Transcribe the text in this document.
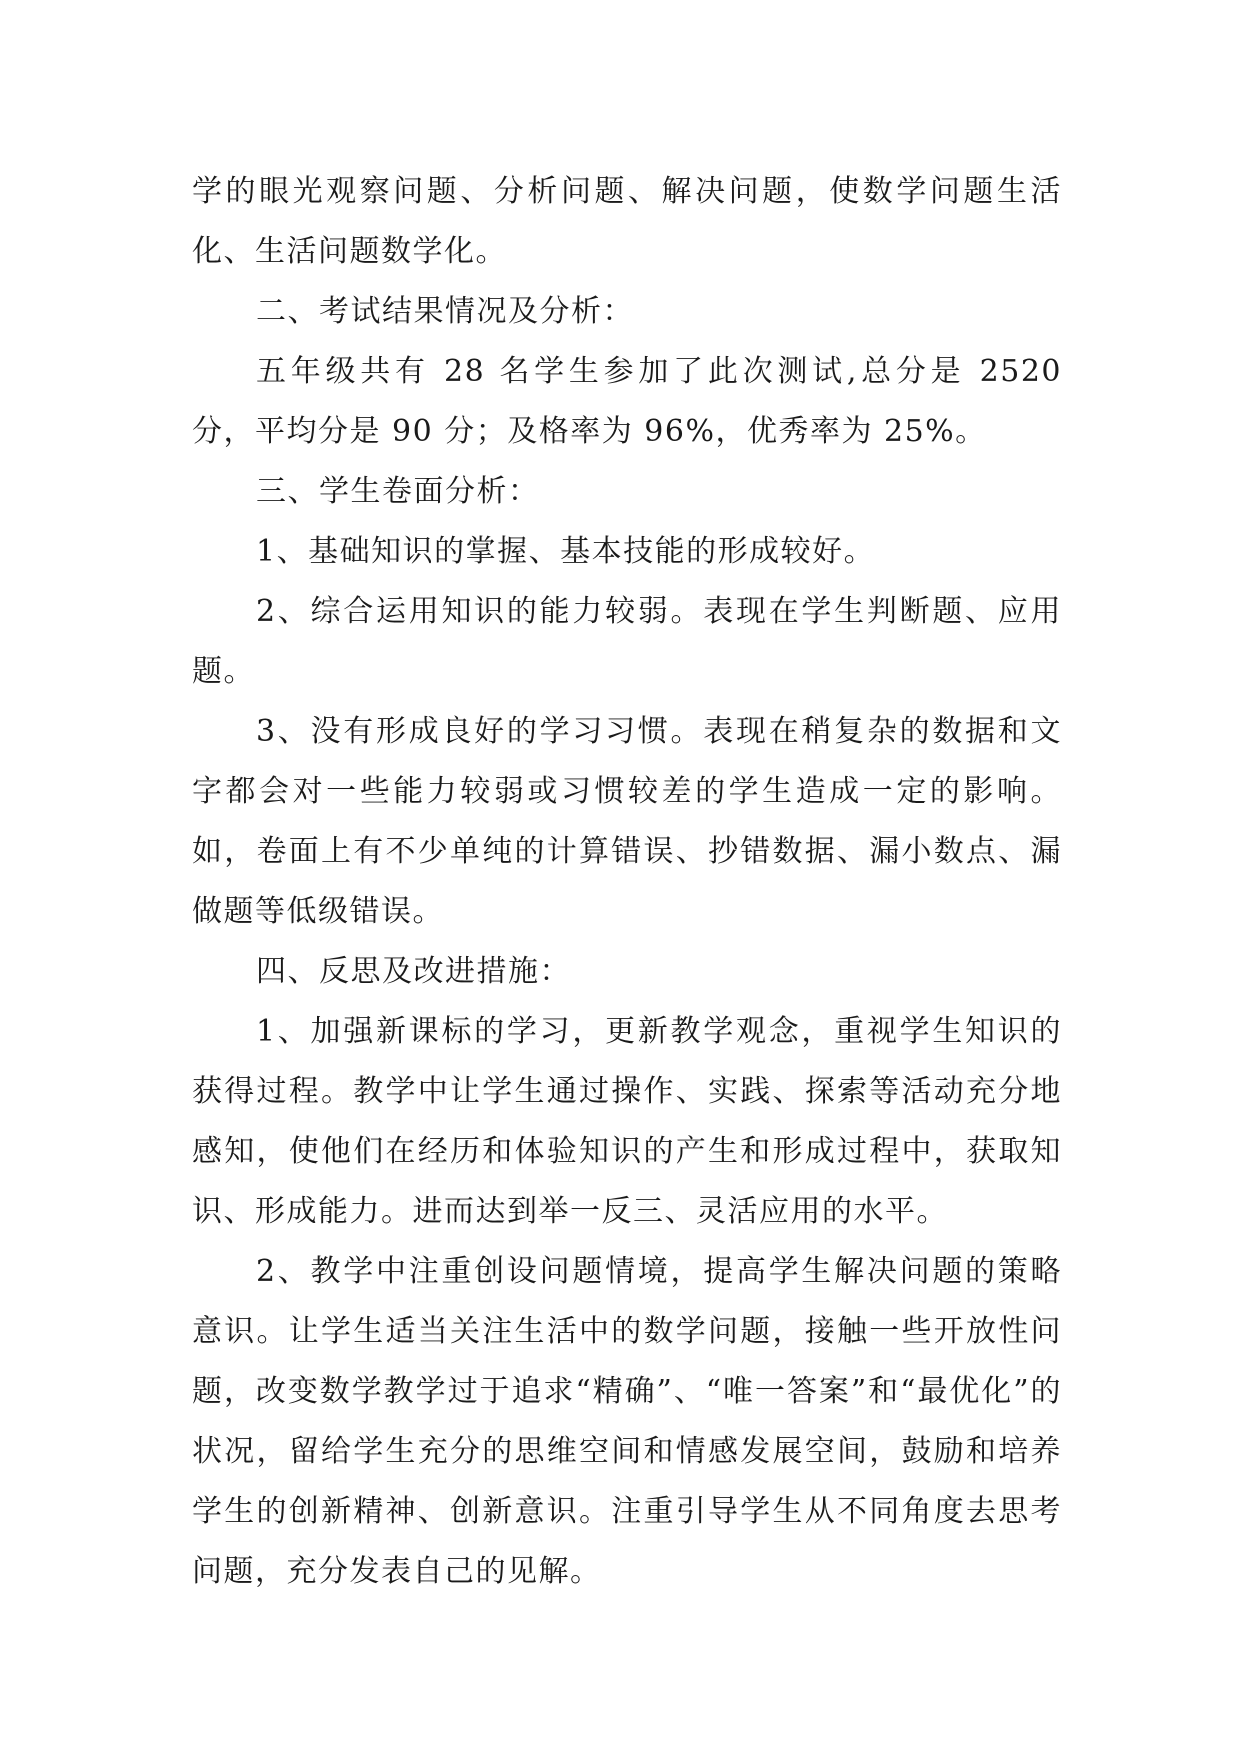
学的眼光观察问题、分析问题、解决问题，使数学问题生活化、生活问题数学化。

二、考试结果情况及分析：

五年级共有 28 名学生参加了此次测试,总分是 2520 分，平均分是 90 分；及格率为 96%，优秀率为 25%。

三、学生卷面分析：

1、基础知识的掌握、基本技能的形成较好。

2、综合运用知识的能力较弱。表现在学生判断题、应用题。

3、没有形成良好的学习习惯。表现在稍复杂的数据和文字都会对一些能力较弱或习惯较差的学生造成一定的影响。如，卷面上有不少单纯的计算错误、抄错数据、漏小数点、漏做题等低级错误。

四、反思及改进措施：

1、加强新课标的学习，更新教学观念，重视学生知识的获得过程。教学中让学生通过操作、实践、探索等活动充分地感知，使他们在经历和体验知识的产生和形成过程中，获取知识、形成能力。进而达到举一反三、灵活应用的水平。

2、教学中注重创设问题情境，提高学生解决问题的策略意识。让学生适当关注生活中的数学问题，接触一些开放性问题，改变数学教学过于追求“精确”、“唯一答案”和“最优化”的状况，留给学生充分的思维空间和情感发展空间，鼓励和培养学生的创新精神、创新意识。注重引导学生从不同角度去思考问题，充分发表自己的见解。
